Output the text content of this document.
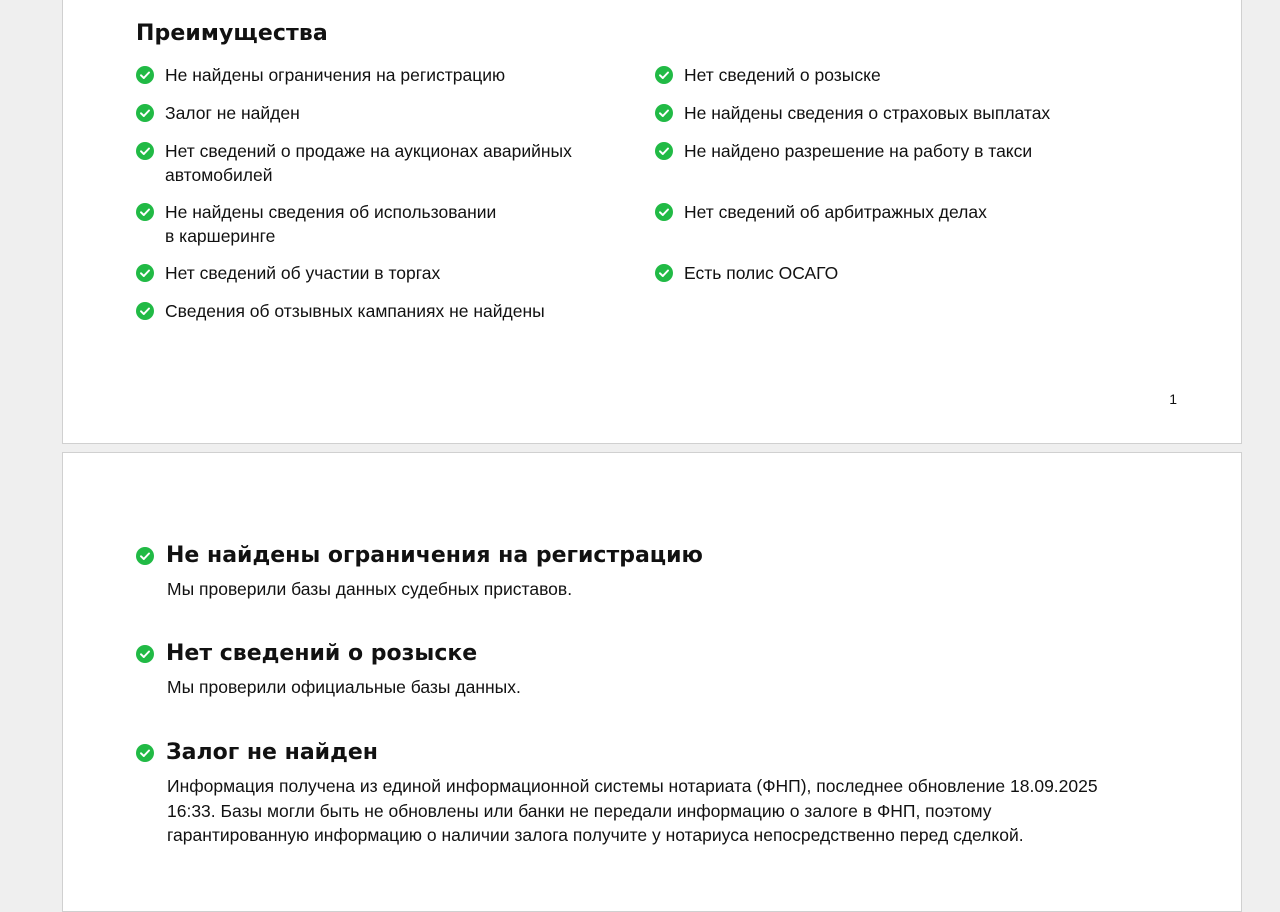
Преимущества
Не найдены ограничения на регистрацию
Залог не найден
Нет сведений о продаже на аукционах аварийных
автомобилей
Не найдены сведения об использовании
в каршеринге
Нет сведений об участии в торгах
Сведения об отзывных кампаниях не найдены
Нет сведений о розыске
Не найдены сведения о страховых выплатах
Не найдено разрешение на работу в такси
Нет сведений об арбитражных делах
Есть полис ОСАГО
1
Не найдены ограничения на регистрацию

Мы проверили базы данных судебных приставов.

Нет сведений о розыске

Мы проверили официальные базы данных.

Залог не найден

Информация получена из единой информационной системы нотариата (ФНП), последнее обновление 18.09.2025 16:33. Базы могли быть не обновлены или банки не передали информацию о залоге в ФНП, поэтому гарантированную информацию о наличии залога получите у нотариуса непосредственно перед сделкой.
